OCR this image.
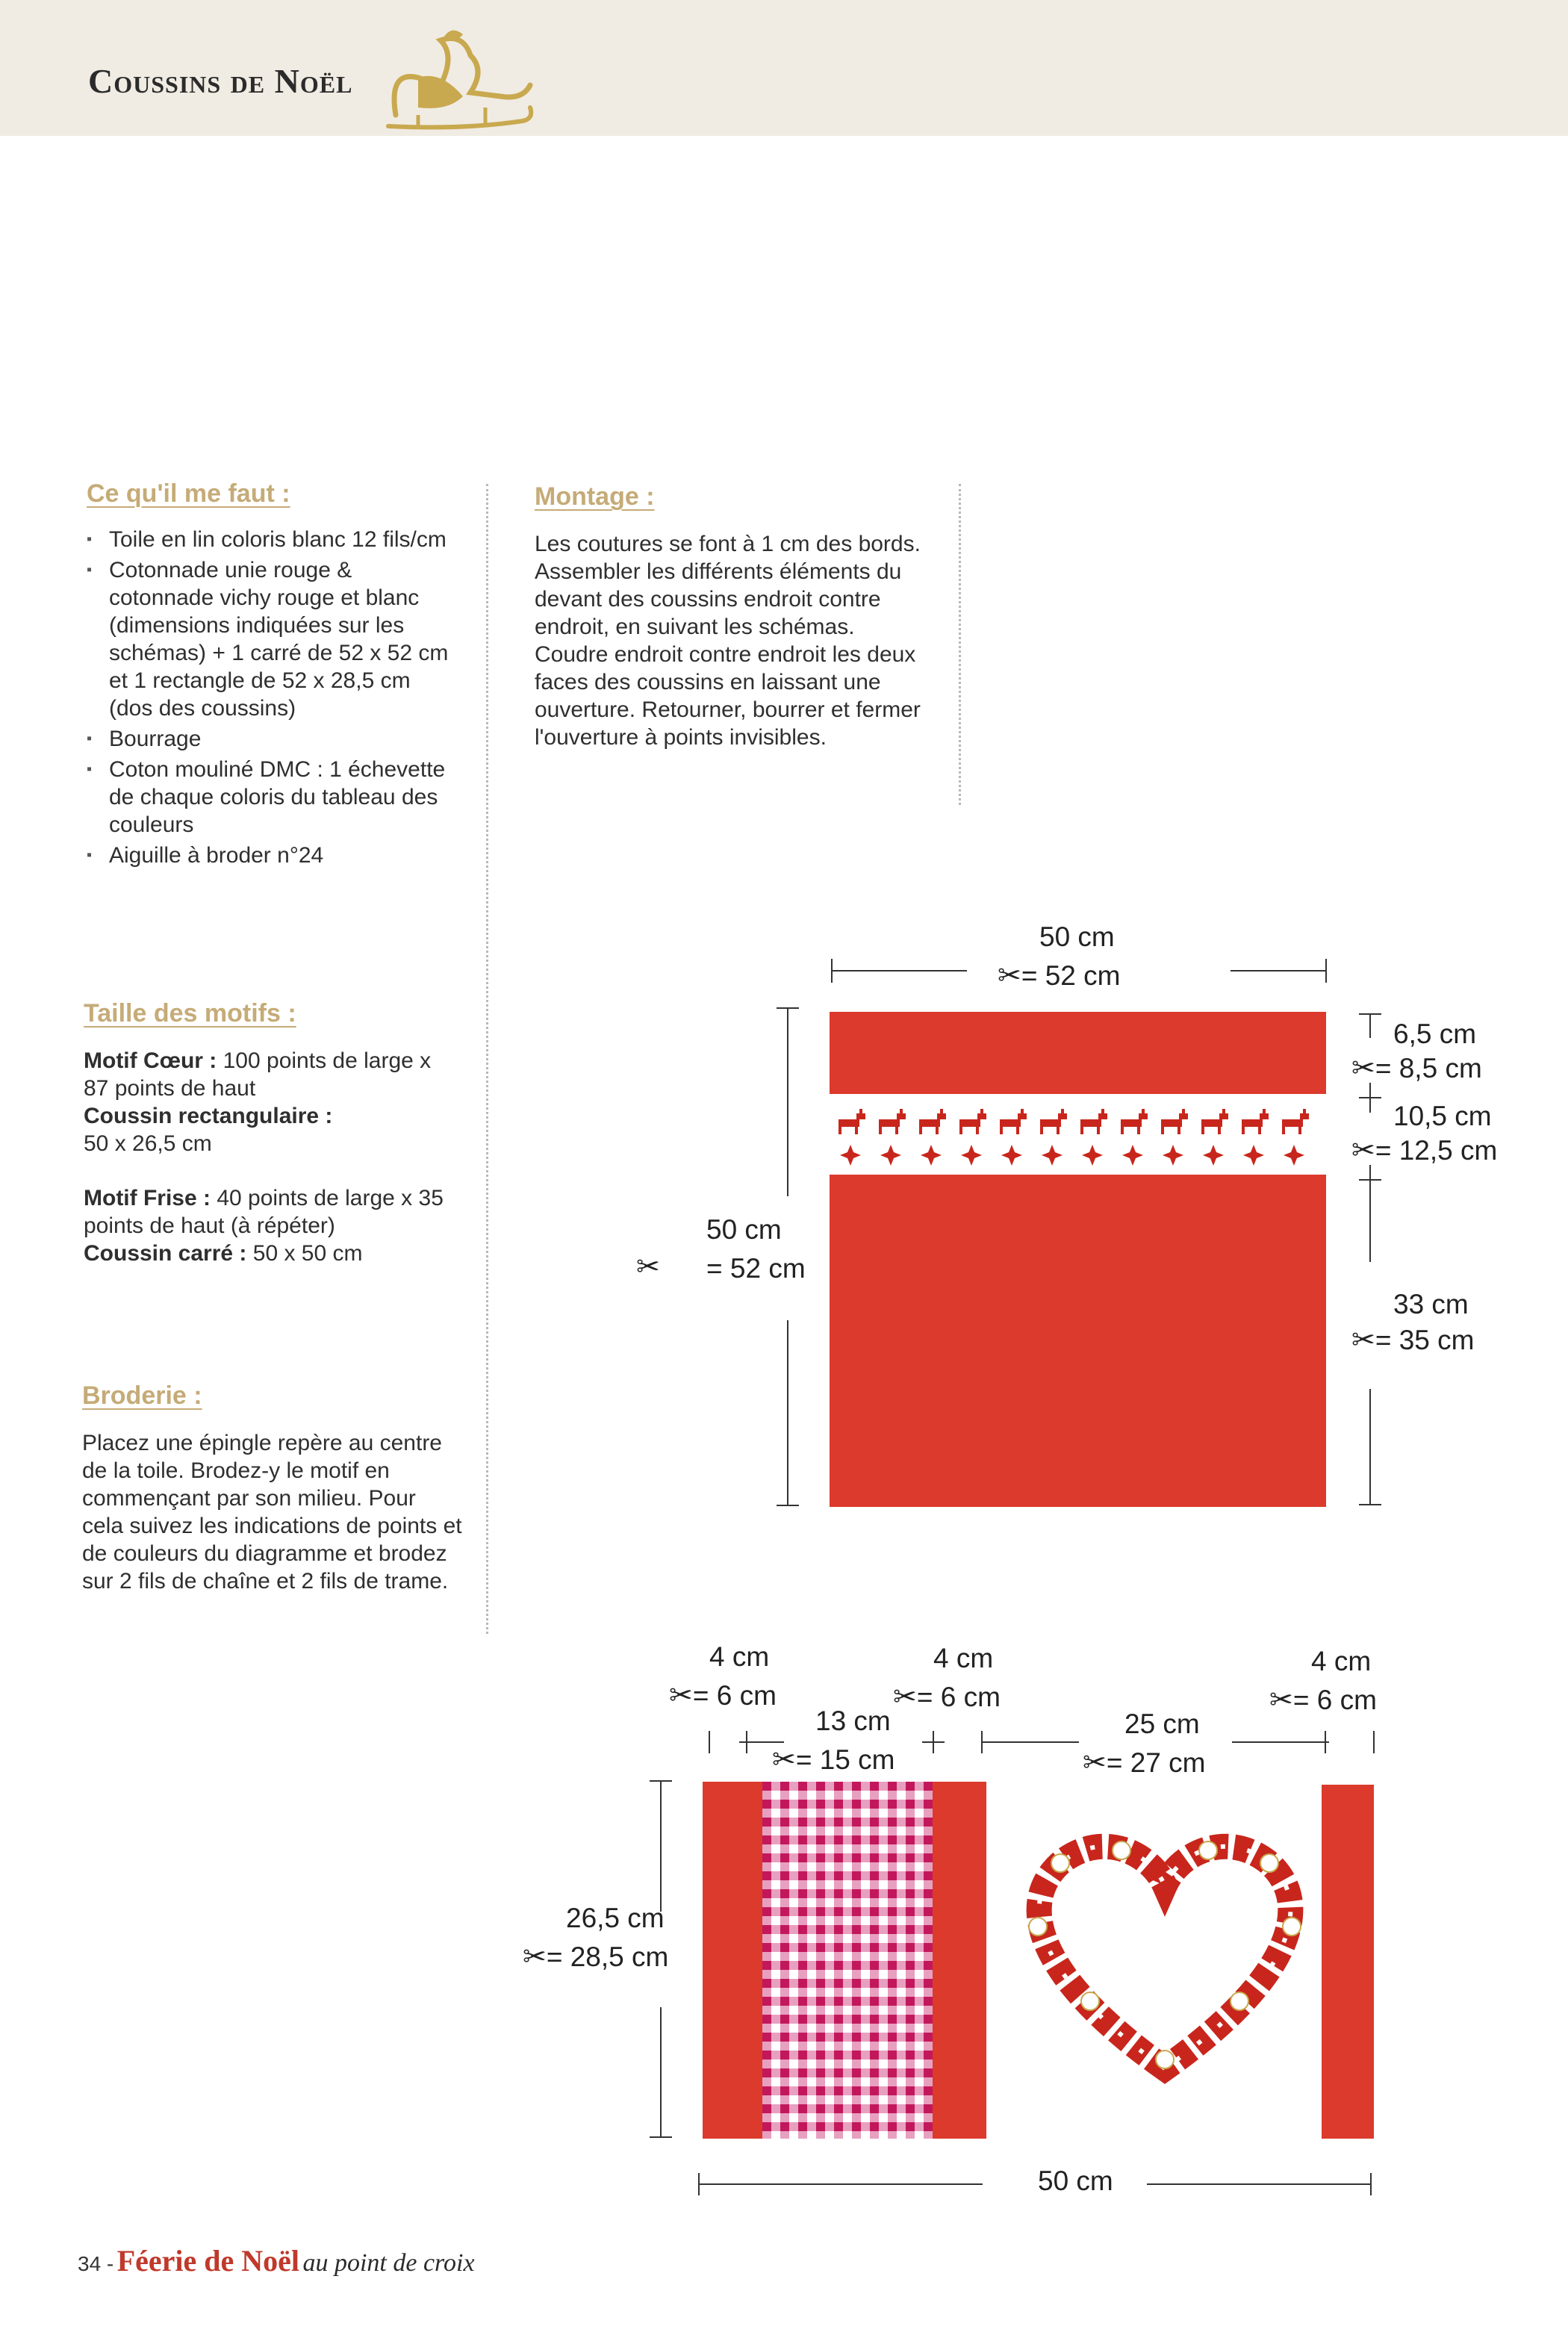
Coussins de Noël
Ce qu'il me faut :
▪ Toile en lin coloris blanc 12 fils/cm
▪ Cotonnade unie rouge & cotonnade vichy rouge et blanc (dimensions indiquées sur les schémas) + 1 carré de 52 x 52 cm et 1 rectangle de 52 x 28,5 cm (dos des coussins)
▪ Bourrage
▪ Coton mouliné DMC : 1 échevette de chaque coloris du tableau des couleurs
▪ Aiguille à broder n°24
Taille des motifs :
Motif Cœur : 100 points de large x 87 points de haut
Coussin rectangulaire :
50 x 26,5 cm
Motif Frise : 40 points de large x 35 points de haut (à répéter)
Coussin carré : 50 x 50 cm
Broderie :
Placez une épingle repère au centre de la toile. Brodez-y le motif en commençant par son milieu. Pour cela suivez les indications de points et de couleurs du diagramme et brodez sur 2 fils de chaîne et 2 fils de trame.
Montage :
Les coutures se font à 1 cm des bords. Assembler les différents éléments du devant des coussins endroit contre endroit, en suivant les schémas. Coudre endroit contre endroit les deux faces des coussins en laissant une ouverture. Retourner, bourrer et fermer l'ouverture à points invisibles.
50 cm
✂= 52 cm
50 cm
✂ = 52 cm
6,5 cm
✂= 8,5 cm
10,5 cm
✂= 12,5 cm
33 cm
✂= 35 cm
4 cm
✂= 6 cm
4 cm
✂= 6 cm
4 cm
✂= 6 cm
13 cm
✂= 15 cm
25 cm
✂= 27 cm
26,5 cm
✂= 28,5 cm
50 cm
34 - Féerie de Noël au point de croix
